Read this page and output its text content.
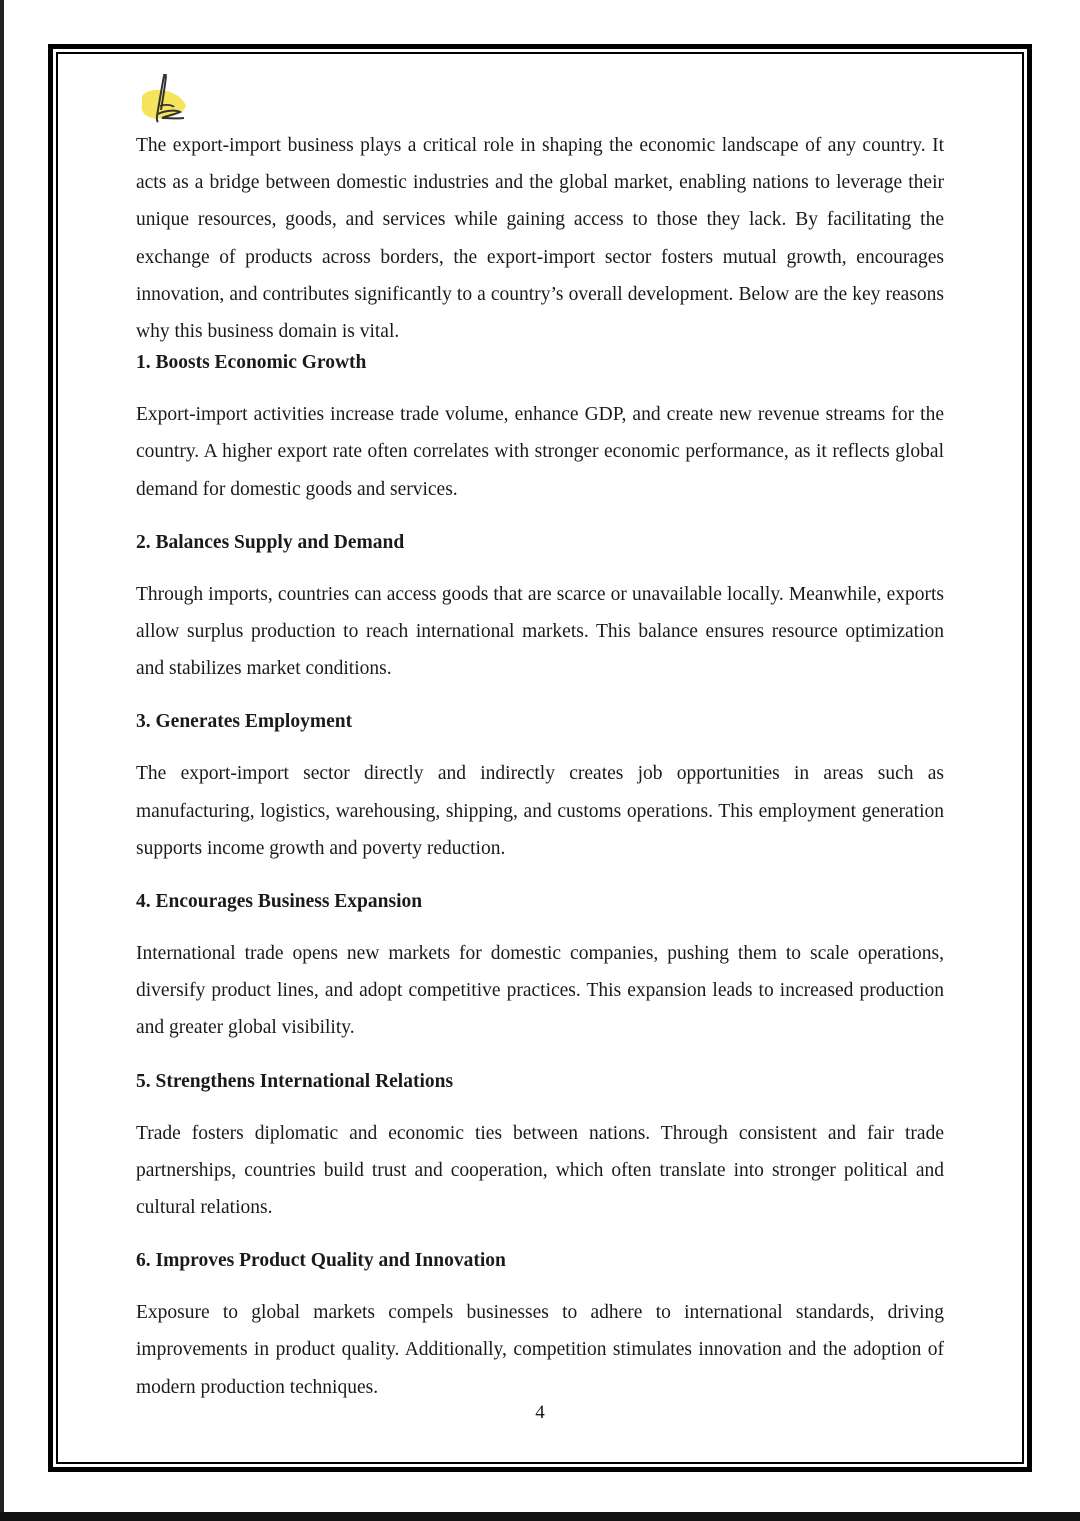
The export-import business plays a critical role in shaping the economic landscape of any country. It acts as a bridge between domestic industries and the global market, enabling nations to leverage their unique resources, goods, and services while gaining access to those they lack. By facilitating the exchange of products across borders, the export-import sector fosters mutual growth, encourages innovation, and contributes significantly to a country’s overall development. Below are the key reasons why this business domain is vital.

1. Boosts Economic Growth

Export-import activities increase trade volume, enhance GDP, and create new revenue streams for the country. A higher export rate often correlates with stronger economic performance, as it reflects global demand for domestic goods and services.

2. Balances Supply and Demand

Through imports, countries can access goods that are scarce or unavailable locally. Meanwhile, exports allow surplus production to reach international markets. This balance ensures resource optimization and stabilizes market conditions.

3. Generates Employment

The export-import sector directly and indirectly creates job opportunities in areas such as manufacturing, logistics, warehousing, shipping, and customs operations. This employment generation supports income growth and poverty reduction.

4. Encourages Business Expansion

International trade opens new markets for domestic companies, pushing them to scale operations, diversify product lines, and adopt competitive practices. This expansion leads to increased production and greater global visibility.

5. Strengthens International Relations

Trade fosters diplomatic and economic ties between nations. Through consistent and fair trade partnerships, countries build trust and cooperation, which often translate into stronger political and cultural relations.

6. Improves Product Quality and Innovation

Exposure to global markets compels businesses to adhere to international standards, driving improvements in product quality. Additionally, competition stimulates innovation and the adoption of modern production techniques.

4
